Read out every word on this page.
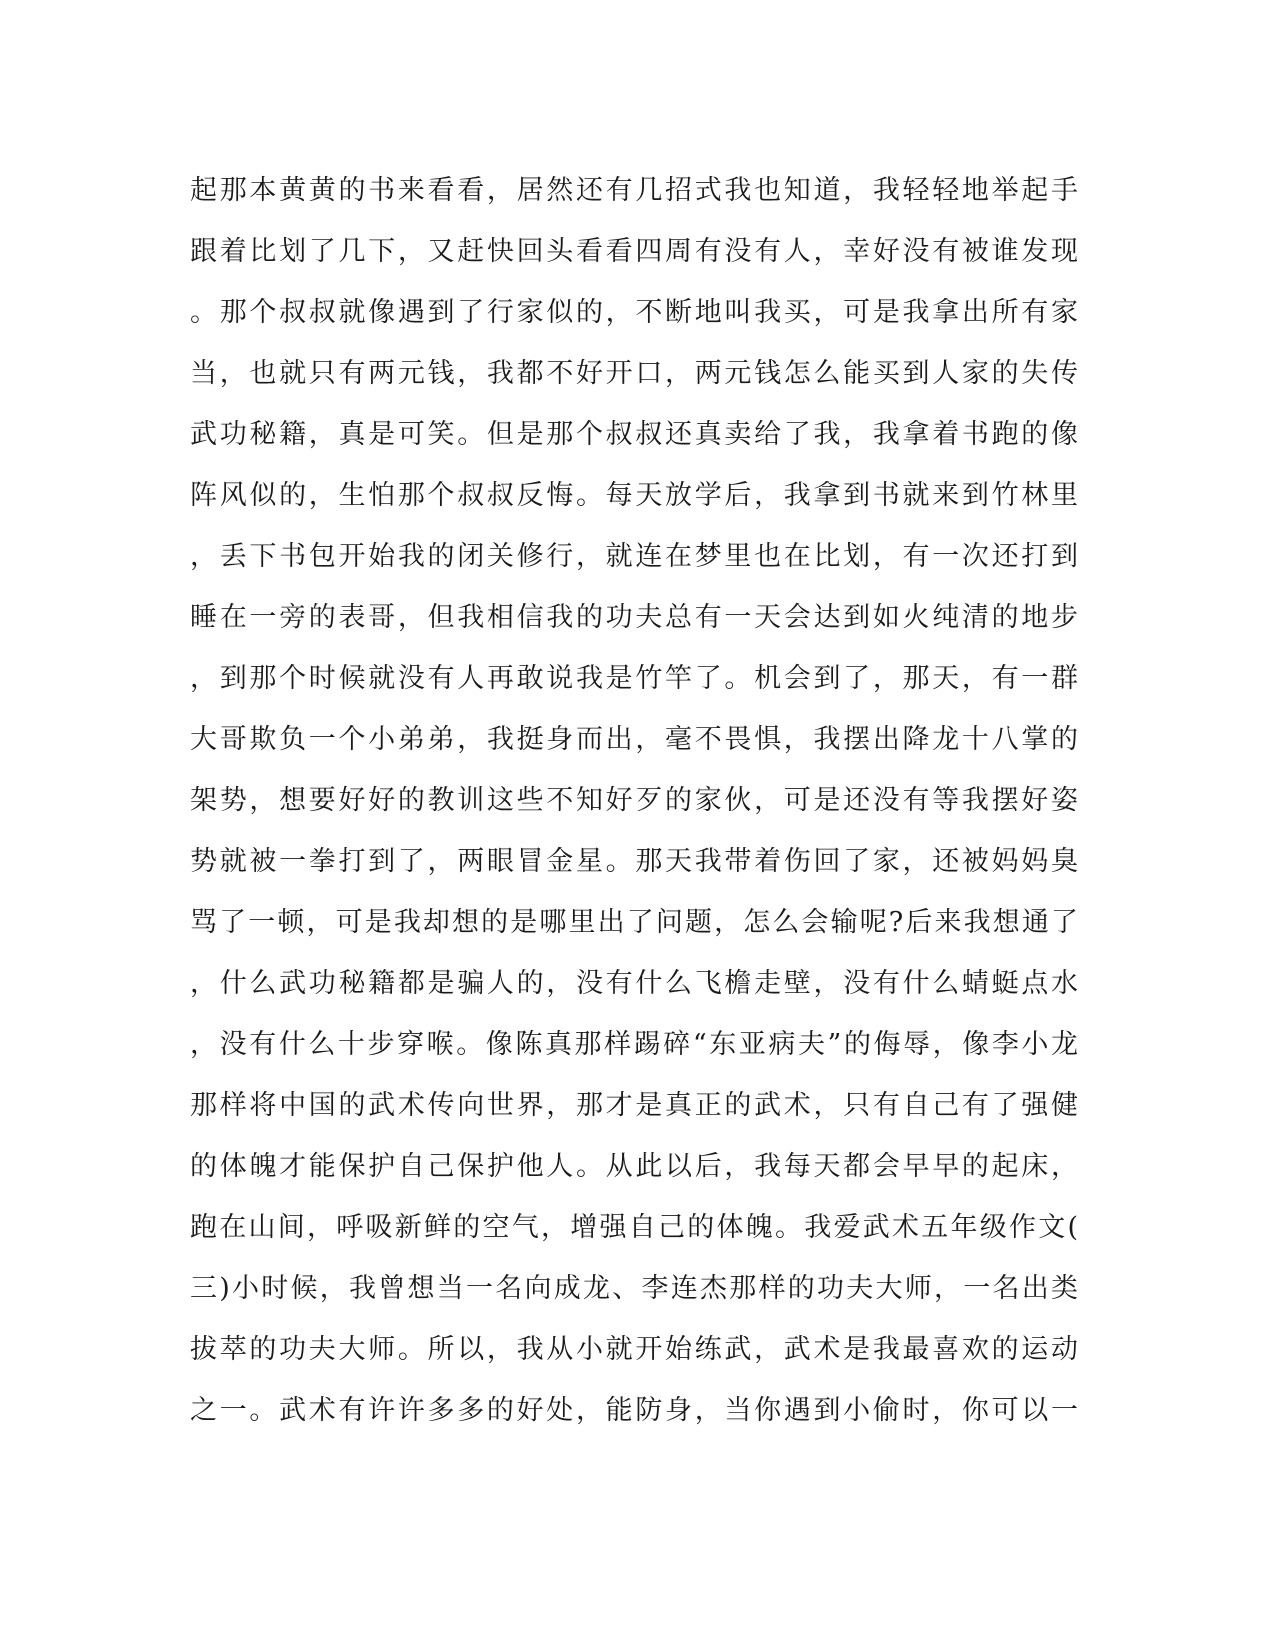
起那本黄黄的书来看看，居然还有几招式我也知道，我轻轻地举起手
跟着比划了几下，又赶快回头看看四周有没有人，幸好没有被谁发现
。那个叔叔就像遇到了行家似的，不断地叫我买，可是我拿出所有家
当，也就只有两元钱，我都不好开口，两元钱怎么能买到人家的失传
武功秘籍，真是可笑。但是那个叔叔还真卖给了我，我拿着书跑的像
阵风似的，生怕那个叔叔反悔。每天放学后，我拿到书就来到竹林里
，丢下书包开始我的闭关修行，就连在梦里也在比划，有一次还打到
睡在一旁的表哥，但我相信我的功夫总有一天会达到如火纯清的地步
，到那个时候就没有人再敢说我是竹竿了。机会到了，那天，有一群
大哥欺负一个小弟弟，我挺身而出，毫不畏惧，我摆出降龙十八掌的
架势，想要好好的教训这些不知好歹的家伙，可是还没有等我摆好姿
势就被一拳打到了，两眼冒金星。那天我带着伤回了家，还被妈妈臭
骂了一顿，可是我却想的是哪里出了问题，怎么会输呢?后来我想通了
，什么武功秘籍都是骗人的，没有什么飞檐走壁，没有什么蜻蜓点水
，没有什么十步穿喉。像陈真那样踢碎“东亚病夫”的侮辱，像李小龙
那样将中国的武术传向世界，那才是真正的武术，只有自己有了强健
的体魄才能保护自己保护他人。从此以后，我每天都会早早的起床，
跑在山间，呼吸新鲜的空气，增强自己的体魄。我爱武术五年级作文(
三)小时候，我曾想当一名向成龙、李连杰那样的功夫大师，一名出类
拔萃的功夫大师。所以，我从小就开始练武，武术是我最喜欢的运动
之一。武术有许许多多的好处，能防身，当你遇到小偷时，你可以一
